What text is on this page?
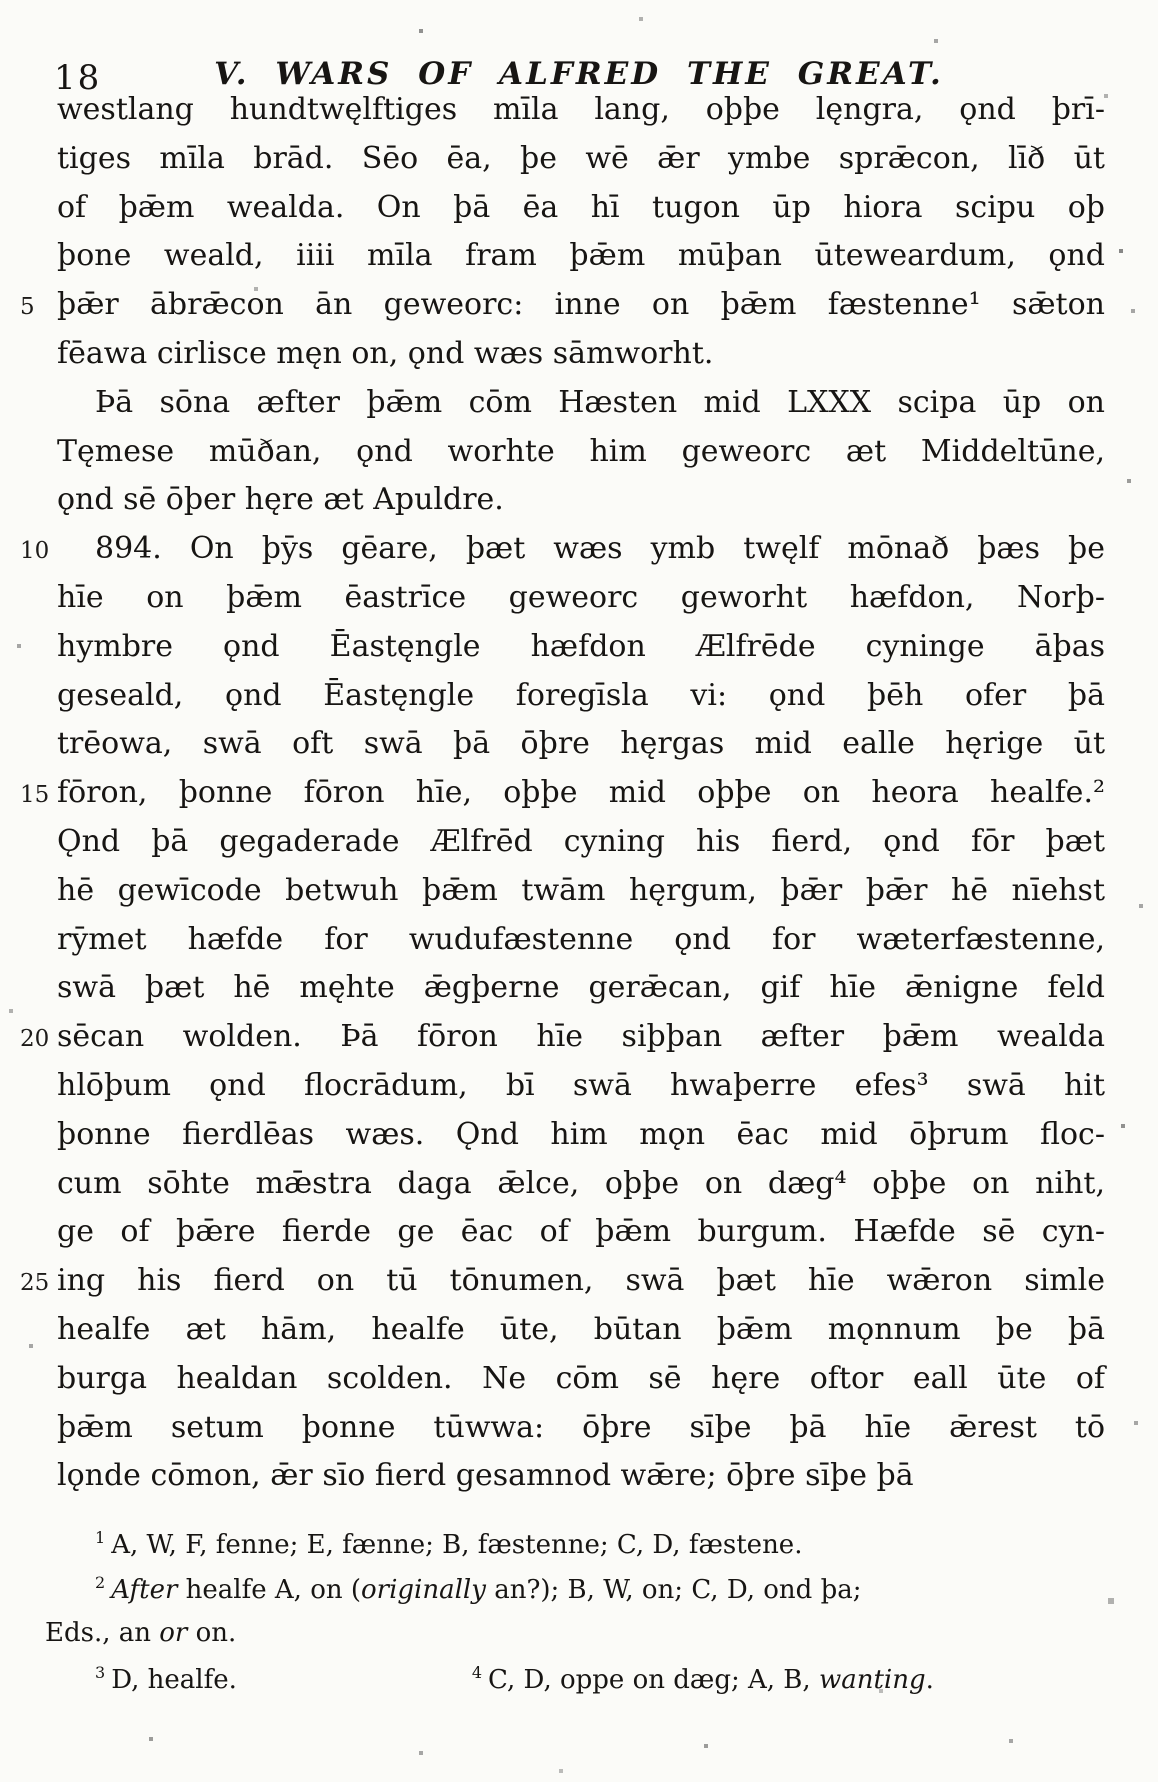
18	V. WARS OF ALFRED THE GREAT.
westlang hundtwęlftiges mīla lang, oþþe lęngra, ǫnd þrī-
tiges mīla brād. Sēo ēa, þe wē ǣr ymbe sprǣcon, līð ūt
of þǣm wealda. On þā ēa hī tugon ūp hiora scipu oþ
þone weald, iiii mīla fram þǣm mūþan ūteweardum, ǫnd
5 þǣr ābrǣcon ān geweorc: inne on þǣm fæstenne¹ sǣton
fēawa cirlisce męn on, ǫnd wæs sāmworht.
Þā sōna æfter þǣm cōm Hæsten mid LXXX scipa ūp on
Tęmese mūðan, ǫnd worhte him geweorc æt Middeltūne,
ǫnd sē ōþer hęre æt Apuldre.
10	894. On þȳs gēare, þæt wæs ymb twęlf mōnað þæs þe
hīe on þǣm ēastrīce geweorc geworht hæfdon, Norþ-
hymbre ǫnd Ēastęngle hæfdon Ælfrēde cyninge āþas
geseald, ǫnd Ēastęngle foregīsla vi: ǫnd þēh ofer þā
trēowa, swā oft swā þā ōþre hęrgas mid ealle hęrige ūt
15 fōron, þonne fōron hīe, oþþe mid oþþe on heora healfe.²
Ǫnd þā gegaderade Ælfrēd cyning his fierd, ǫnd fōr þæt
hē gewīcode betwuh þǣm twām hęrgum, þǣr þǣr hē nīehst
rȳmet hæfde for wudufæstenne ǫnd for wæterfæstenne,
swā þæt hē męhte ǣgþerne gerǣcan, gif hīe ǣnigne feld
20 sēcan wolden. Þā fōron hīe siþþan æfter þǣm wealda
hlōþum ǫnd flocrādum, bī swā hwaþerre efes³ swā hit
þonne fierdlēas wæs. Ǫnd him mǫn ēac mid ōþrum floc-
cum sōhte mǣstra daga ǣlce, oþþe on dæg⁴ oþþe on niht,
ge of þǣre fierde ge ēac of þǣm burgum. Hæfde sē cyn-
25 ing his fierd on tū tōnumen, swā þæt hīe wǣron simle
healfe æt hām, healfe ūte, būtan þǣm mǫnnum þe þā
burga healdan scolden. Ne cōm sē hęre oftor eall ūte of
þǣm setum þonne tūwwa: ōþre sīþe þā hīe ǣrest tō
lǫnde cōmon, ǣr sīo fierd gesamnod wǣre; ōþre sīþe þā
$^1$ A, W, F, fenne; E, fænne; B, fæstenne; C, D, fæstene.
$^2$ After healfe A, on (originally an?); B, W, on; C, D, ond þa;
Eds., an or on.
$^3$ D, healfe.	$^4$ C, D, oppe on dæg; A, B, wanting.
